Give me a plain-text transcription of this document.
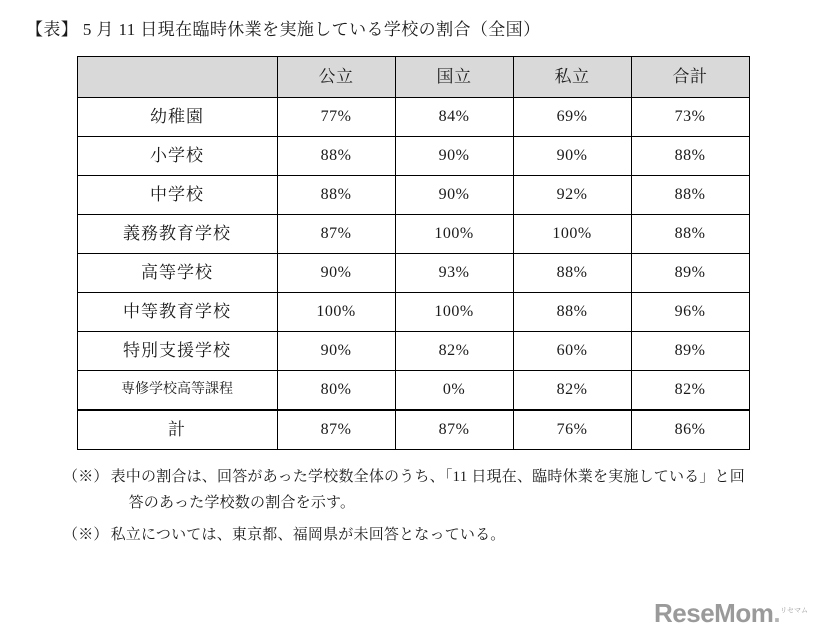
【表】 5 月 11 日現在臨時休業を実施している学校の割合（全国）
	公立	国立	私立	合計
幼稚園	77%	84%	69%	73%
小学校	88%	90%	90%	88%
中学校	88%	90%	92%	88%
義務教育学校	87%	100%	100%	88%
高等学校	90%	93%	88%	89%
中等教育学校	100%	100%	88%	96%
特別支援学校	90%	82%	60%	89%
専修学校高等課程	80%	0%	82%	82%
計	87%	87%	76%	86%
（※） 表中の割合は、回答があった学校数全体のうち、「11 日現在、臨時休業を実施している」と回
答のあった学校数の割合を示す。
（※） 私立については、東京都、福岡県が未回答となっている。
ReseMom.$^{リセマム}$
